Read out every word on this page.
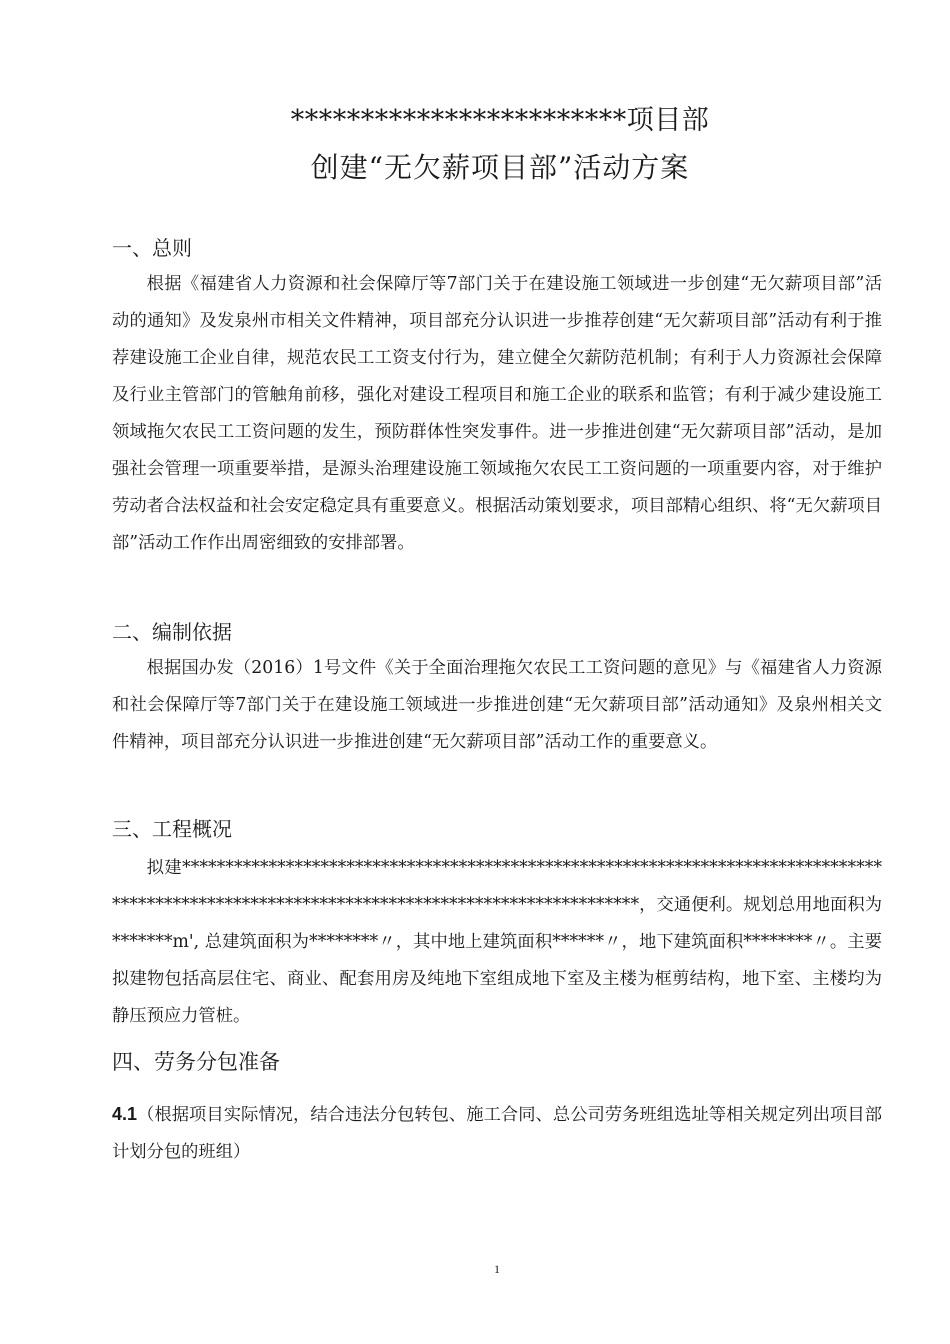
************************项目部
创建“无欠薪项目部”活动方案
一、总则
根据《福建省人力资源和社会保障厅等7部门关于在建设施工领域进一步创建“无欠薪项目部”活动的通知》及发泉州市相关文件精神，项目部充分认识进一步推荐创建“无欠薪项目部”活动有利于推荐建设施工企业自律，规范农民工工资支付行为，建立健全欠薪防范机制；有利于人力资源社会保障及行业主管部门的管触角前移，强化对建设工程项目和施工企业的联系和监管；有利于减少建设施工领域拖欠农民工工资问题的发生，预防群体性突发事件。进一步推进创建“无欠薪项目部”活动，是加强社会管理一项重要举措，是源头治理建设施工领域拖欠农民工工资问题的一项重要内容，对于维护劳动者合法权益和社会安定稳定具有重要意义。根据活动策划要求，项目部精心组织、将“无欠薪项目部”活动工作作出周密细致的安排部署。
二、编制依据
根据国办发（2016）1号文件《关于全面治理拖欠农民工工资问题的意见》与《福建省人力资源和社会保障厅等7部门关于在建设施工领域进一步推进创建“无欠薪项目部”活动通知》及泉州相关文件精神，项目部充分认识进一步推进创建“无欠薪项目部”活动工作的重要意义。
三、工程概况
拟建**********************************************************************************************************************************************，交通便利。规划总用地面积为*******m', 总建筑面积为********〃，其中地上建筑面积******〃，地下建筑面积********〃。主要拟建物包括高层住宅、商业、配套用房及纯地下室组成地下室及主楼为框剪结构，地下室、主楼均为静压预应力管桩。
四、劳务分包准备
4.1（根据项目实际情况，结合违法分包转包、施工合同、总公司劳务班组选址等相关规定列出项目部计划分包的班组）
1
